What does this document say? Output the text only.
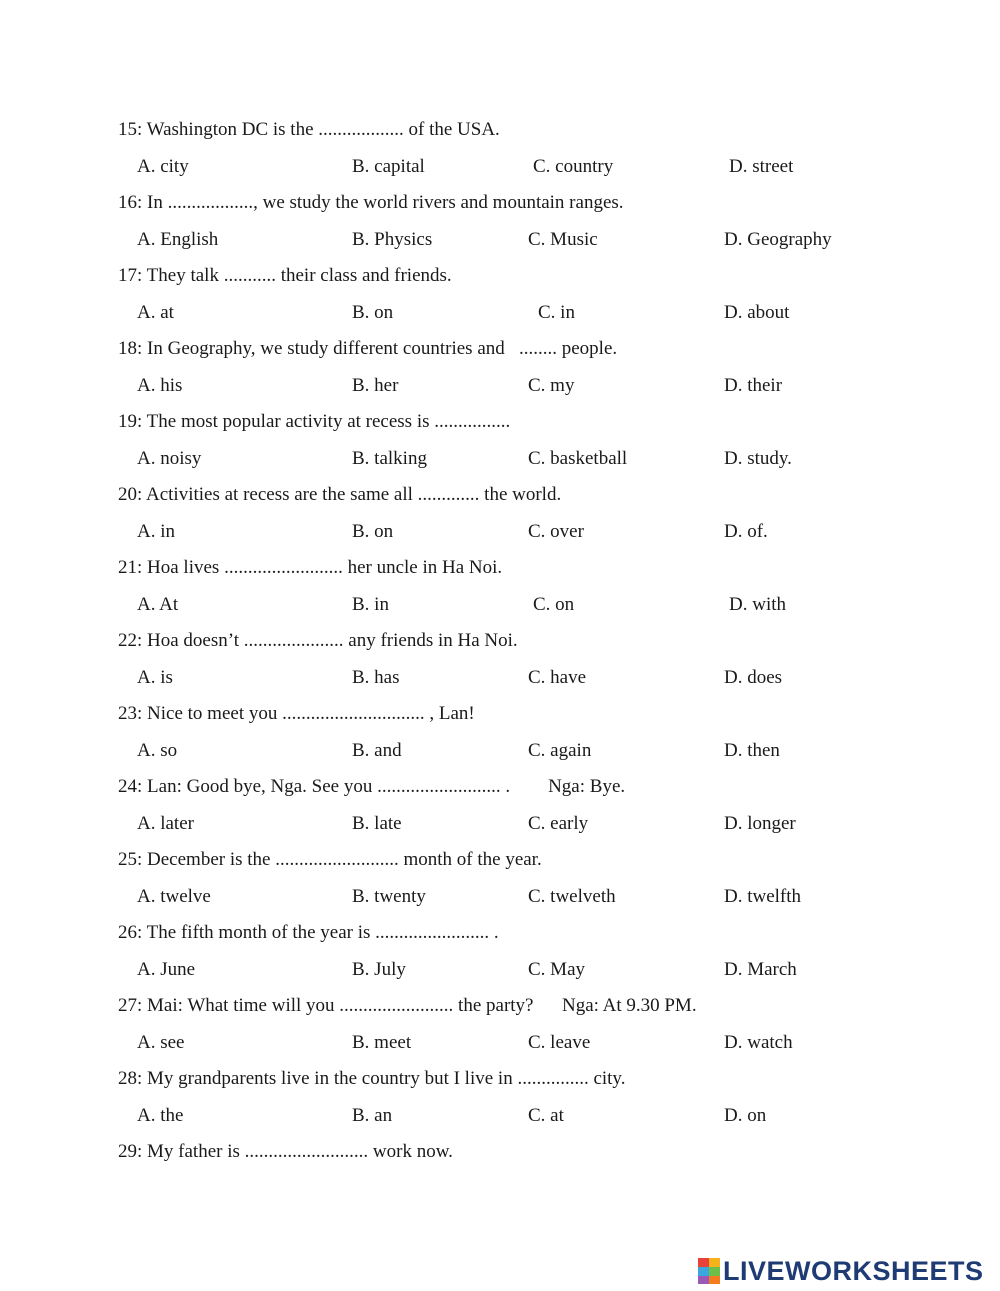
15: Washington DC is the .................. of the USA.
A. city	B. capital	C. country	D. street
16: In .................., we study the world rivers and mountain ranges.
A. English	B. Physics	C. Music	D. Geography
17: They talk ........... their class and friends.
A. at	B. on	C. in	D. about
18: In Geography, we study different countries and   ........ people.
A. his	B. her	C. my	D. their
19: The most popular activity at recess is ................
A. noisy	B. talking	C. basketball	D. study.
20: Activities at recess are the same all ............. the world.
A. in	B. on	C. over	D. of.
21: Hoa lives ......................... her uncle in Ha Noi.
A. At	B. in	C. on	D. with
22: Hoa doesn’t ..................... any friends in Ha Noi.
A. is	B. has	C. have	D. does
23: Nice to meet you .............................. , Lan!
A. so	B. and	C. again	D. then
24: Lan: Good bye, Nga. See you .......................... .        Nga: Bye.
A. later	B. late	C. early	D. longer
25: December is the .......................... month of the year.
A. twelve	B. twenty	C. twelveth	D. twelfth
26: The fifth month of the year is ........................ .
A. June	B. July	C. May	D. March
27: Mai: What time will you ........................ the party?      Nga: At 9.30 PM.
A. see	B. meet	C. leave	D. watch
28: My grandparents live in the country but I live in ............... city.
A. the	B. an	C. at	D. on
29: My father is .......................... work now.
LIVEWORKSHEETS
